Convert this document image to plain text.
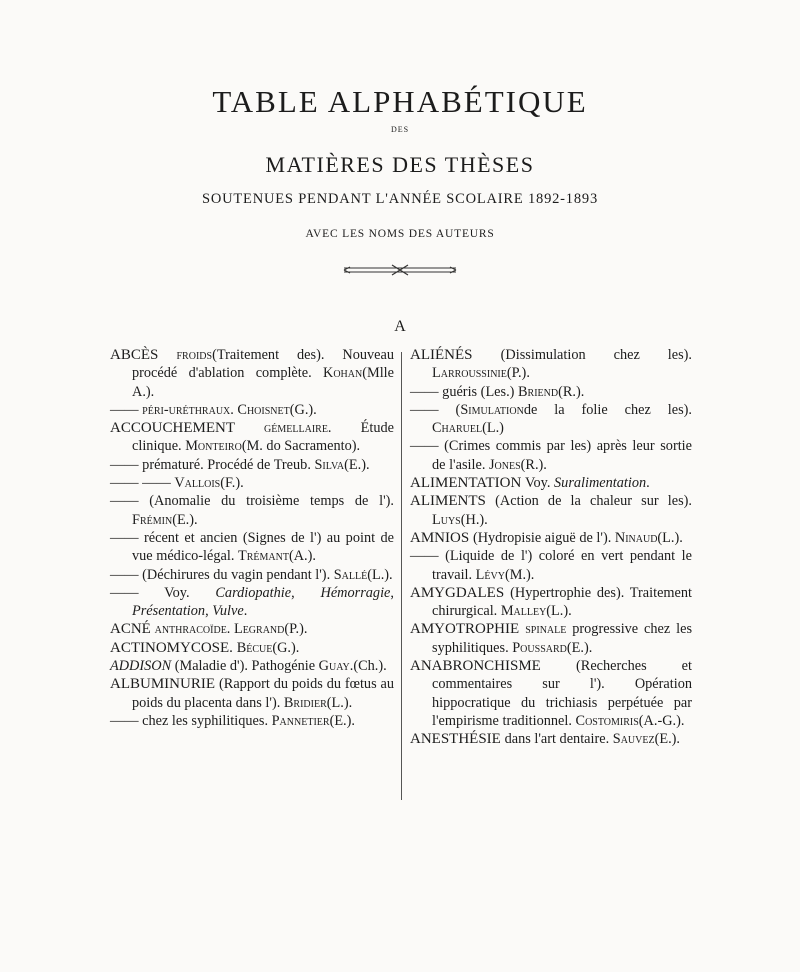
TABLE ALPHABÉTIQUE
DES
MATIÈRES DES THÈSES
SOUTENUES PENDANT L'ANNÉE SCOLAIRE 1892-1893
AVEC LES NOMS DES AUTEURS
A
ABCÈS froids(Traitement des). Nouveau procédé d'ablation complète. Kohan(Mlle A.).
—— péri-uréthraux. Choisnet(G.).
ACCOUCHEMENT gémellaire. Étude clinique. Monteiro(M. do Sacramento).
—— prématuré. Procédé de Treub. Silva(E.).
—— —— Vallois(F.).
—— (Anomalie du troisième temps de l'). Frémin(E.).
—— récent et ancien (Signes de l') au point de vue médico-légal. Trémant(A.).
—— (Déchirures du vagin pendant l'). Sallé(L.).
—— Voy. Cardiopathie, Hémorragie, Présentation, Vulve.
ACNÉ anthracoïde. Legrand(P.).
ACTINOMYCOSE. Bécue(G.).
ADDISON (Maladie d'). Pathogénie Guay.(Ch.).
ALBUMINURIE (Rapport du poids du fœtus au poids du placenta dans l'). Bridier(L.).
—— chez les syphilitiques. Pannetier(E.).
ALIÉNÉS (Dissimulation chez les). Larroussinie(P.).
—— guéris (Les.) Briend(R.).
—— (Simulationde la folie chez les). Charuel(L.)
—— (Crimes commis par les) après leur sortie de l'asile. Jones(R.).
ALIMENTATION Voy. Suralimentation.
ALIMENTS (Action de la chaleur sur les). Luys(H.).
AMNIOS (Hydropisie aiguë de l'). Ninaud(L.).
—— (Liquide de l') coloré en vert pendant le travail. Lévy(M.).
AMYGDALES (Hypertrophie des). Traitement chirurgical. Malley(L.).
AMYOTROPHIE spinale progressive chez les syphilitiques. Poussard(E.).
ANABRONCHISME (Recherches et commentaires sur l'). Opération hippocratique du trichiasis perpétuée par l'empirisme traditionnel. Costomiris(A.-G.).
ANESTHÉSIE dans l'art dentaire. Sauvez(E.).
